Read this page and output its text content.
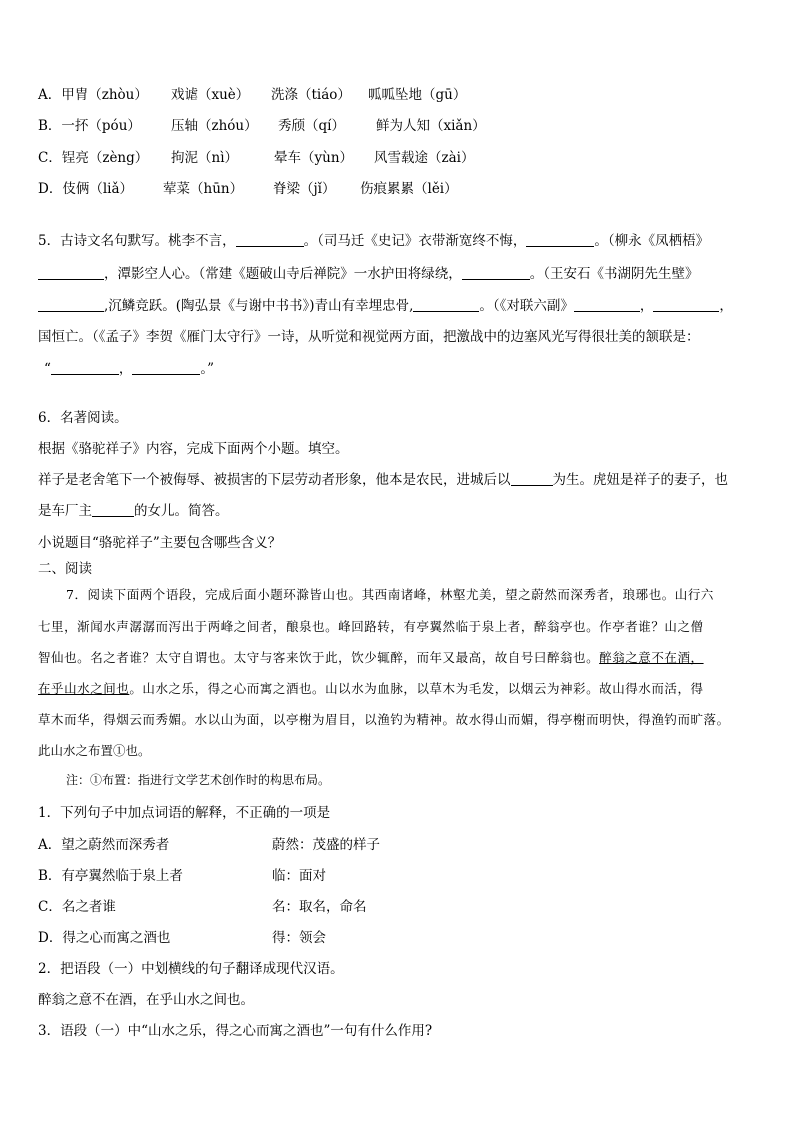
A．甲胄（zhòu） 戏谑（xuè） 洗涤（tiáo） 呱呱坠地（gū）
B．一抔（póu） 压轴（zhóu） 秀颀（qí） 鲜为人知（xiǎn）
C．锃亮（zèng） 拘泥（nì）	晕车（yùn） 风雪载途（zài）
D．伎俩（liǎ） 荤菜（hūn） 脊梁（jǐ） 伤痕累累（lěi）
5．古诗文名句默写。桃李不言，	。（司马迁《史记》衣带渐宽终不悔，	。（柳永《凤栖梧》
，潭影空人心。（常建《题破山寺后禅院》一水护田将绿绕，	。（王安石《书湖阴先生壁》
,沉鳞竞跃。(陶弘景《与谢中书书》)青山有幸埋忠骨,	。（《对联六副》	，	，
国恒亡。（《孟子》李贺《雁门太守行》一诗，从听觉和视觉两方面，把激战中的边塞风光写得很壮美的颔联是：
“	，	。”
6．名著阅读。
根据《骆驼祥子》内容，完成下面两个小题。填空。
祥子是老舍笔下一个被侮辱、被损害的下层劳动者形象，他本是农民，进城后以	为生。虎妞是祥子的妻子，也
是车厂主	的女儿。简答。
小说题目“骆驼祥子”主要包含哪些含义？
二、阅读
7．阅读下面两个语段，完成后面小题环滁皆山也。其西南诸峰，林壑尤美，望之蔚然而深秀者，琅琊也。山行六
七里，渐闻水声潺潺而泻出于两峰之间者，酿泉也。峰回路转，有亭翼然临于泉上者，醉翁亭也。作亭者谁？山之僧
智仙也。名之者谁？太守自谓也。太守与客来饮于此，饮少辄醉，而年又最高，故自号曰醉翁也。醉翁之意不在酒，
在乎山水之间也。山水之乐，得之心而寓之酒也。山以水为血脉，以草木为毛发，以烟云为神彩。故山得水而活，得
草木而华，得烟云而秀媚。水以山为面，以亭榭为眉目，以渔钓为精神。故水得山而媚，得亭榭而明快，得渔钓而旷落。
此山水之布置①也。
注：①布置：指进行文学艺术创作时的构思布局。
1．下列句子中加点词语的解释，不正确的一项是
A．望之蔚然而深秀者	蔚然：茂盛的样子
B．有亭翼然临于泉上者	临：面对
C．名之者谁	名：取名，命名
D．得之心而寓之酒也	得：领会
2．把语段（一）中划横线的句子翻译成现代汉语。
醉翁之意不在酒，在乎山水之间也。
3．语段（一）中“山水之乐，得之心而寓之酒也”一句有什么作用?
